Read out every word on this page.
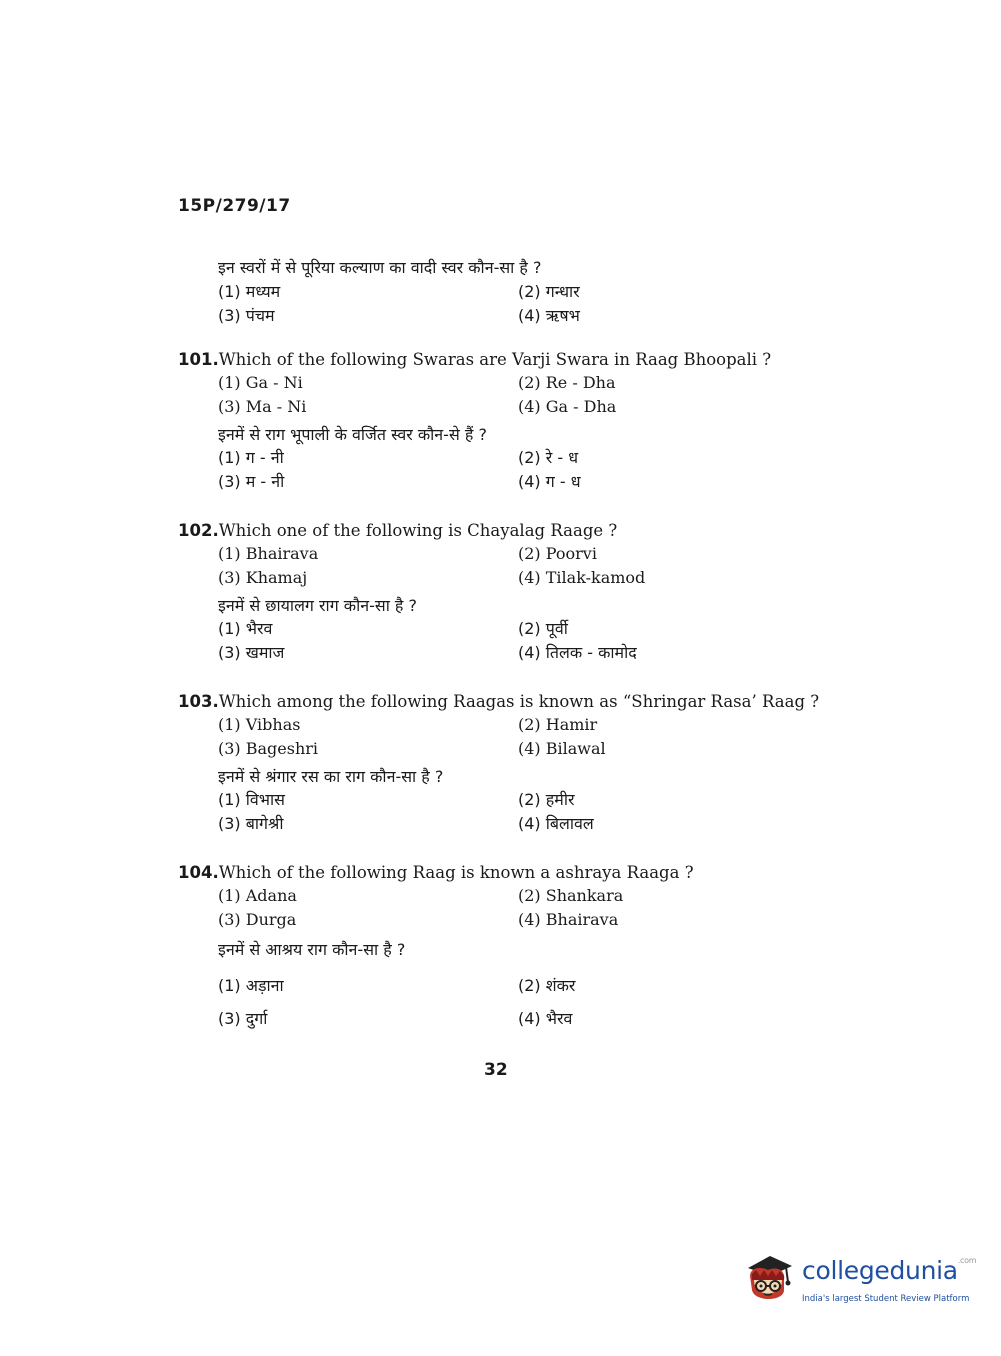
15P/279/17
इन स्वरों में से पूरिया कल्याण का वादी स्वर कौन-सा है ?
(1) मध्यम	(2) गन्धार
(3) पंचम	(4) ऋषभ
101.Which of the following Swaras are Varji Swara in Raag Bhoopali ?
(1) Ga - Ni	(2) Re - Dha
(3) Ma - Ni	(4) Ga - Dha
इनमें से राग भूपाली के वर्जित स्वर कौन-से हैं ?
(1) ग - नी	(2) रे - ध
(3) म - नी	(4) ग - ध
102.Which one of the following is Chayalag Raage ?
(1) Bhairava	(2) Poorvi
(3) Khamaj	(4) Tilak-kamod
इनमें से छायालग राग कौन-सा है ?
(1) भैरव	(2) पूर्वी
(3) खमाज	(4) तिलक - कामोद
103.Which among the following Raagas is known as “Shringar Rasa’ Raag ?
(1) Vibhas	(2) Hamir
(3) Bageshri	(4) Bilawal
इनमें से श्रंगार रस का राग कौन-सा है ?
(1) विभास	(2) हमीर
(3) बागेश्री	(4) बिलावल
104.Which of the following Raag is known a ashraya Raaga ?
(1) Adana	(2) Shankara
(3) Durga	(4) Bhairava
इनमें से आश्रय राग कौन-सा है ?
(1) अड़ाना	(2) शंकर
(3) दुर्गा	(4) भैरव
32
collegedunia$^{.com}$
India's largest Student Review Platform
